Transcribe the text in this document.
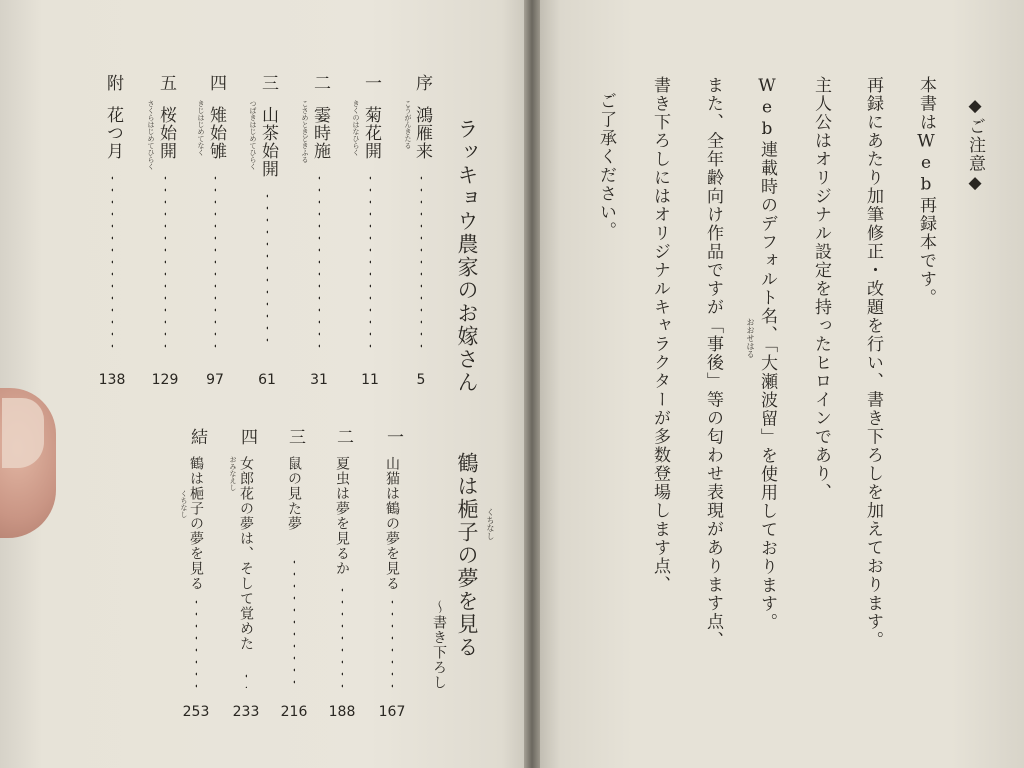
ラッキョウ農家のお嫁さん
序
こうがんきたる 鴻雁来
5
一
きくのはなひらく 菊花開
11
二
こさめときどきふる 霎時施
31
三
つばきはじめてひらく 山茶始開
61
四
きじはじめてなく 雉始雊
97
五
さくらはじめてひらく 桜始開
129
附
花つ月
138
くちなし
鶴は梔子の夢を見る
～書き下ろし
一
山猫は鶴の夢を見る
167
二
夏虫は夢を見るか
188
三
鼠の見た夢
216
四
おみなえし 女郎花の夢は、そして覚めた
233
結
くちなし 鶴は梔子の夢を見る
253
◆ご注意◆
本書はWeb再録本です。
再録にあたり加筆修正・改題を行い、書き下ろしを加えております。
主人公はオリジナル設定を持ったヒロインであり、
Web連載時のデフォルト名、「大瀬波留」を使用しております。
おおせはる
また、全年齢向け作品ですが「事後」等の匂わせ表現があります点、
書き下ろしにはオリジナルキャラクターが多数登場します点、
ご了承ください。
